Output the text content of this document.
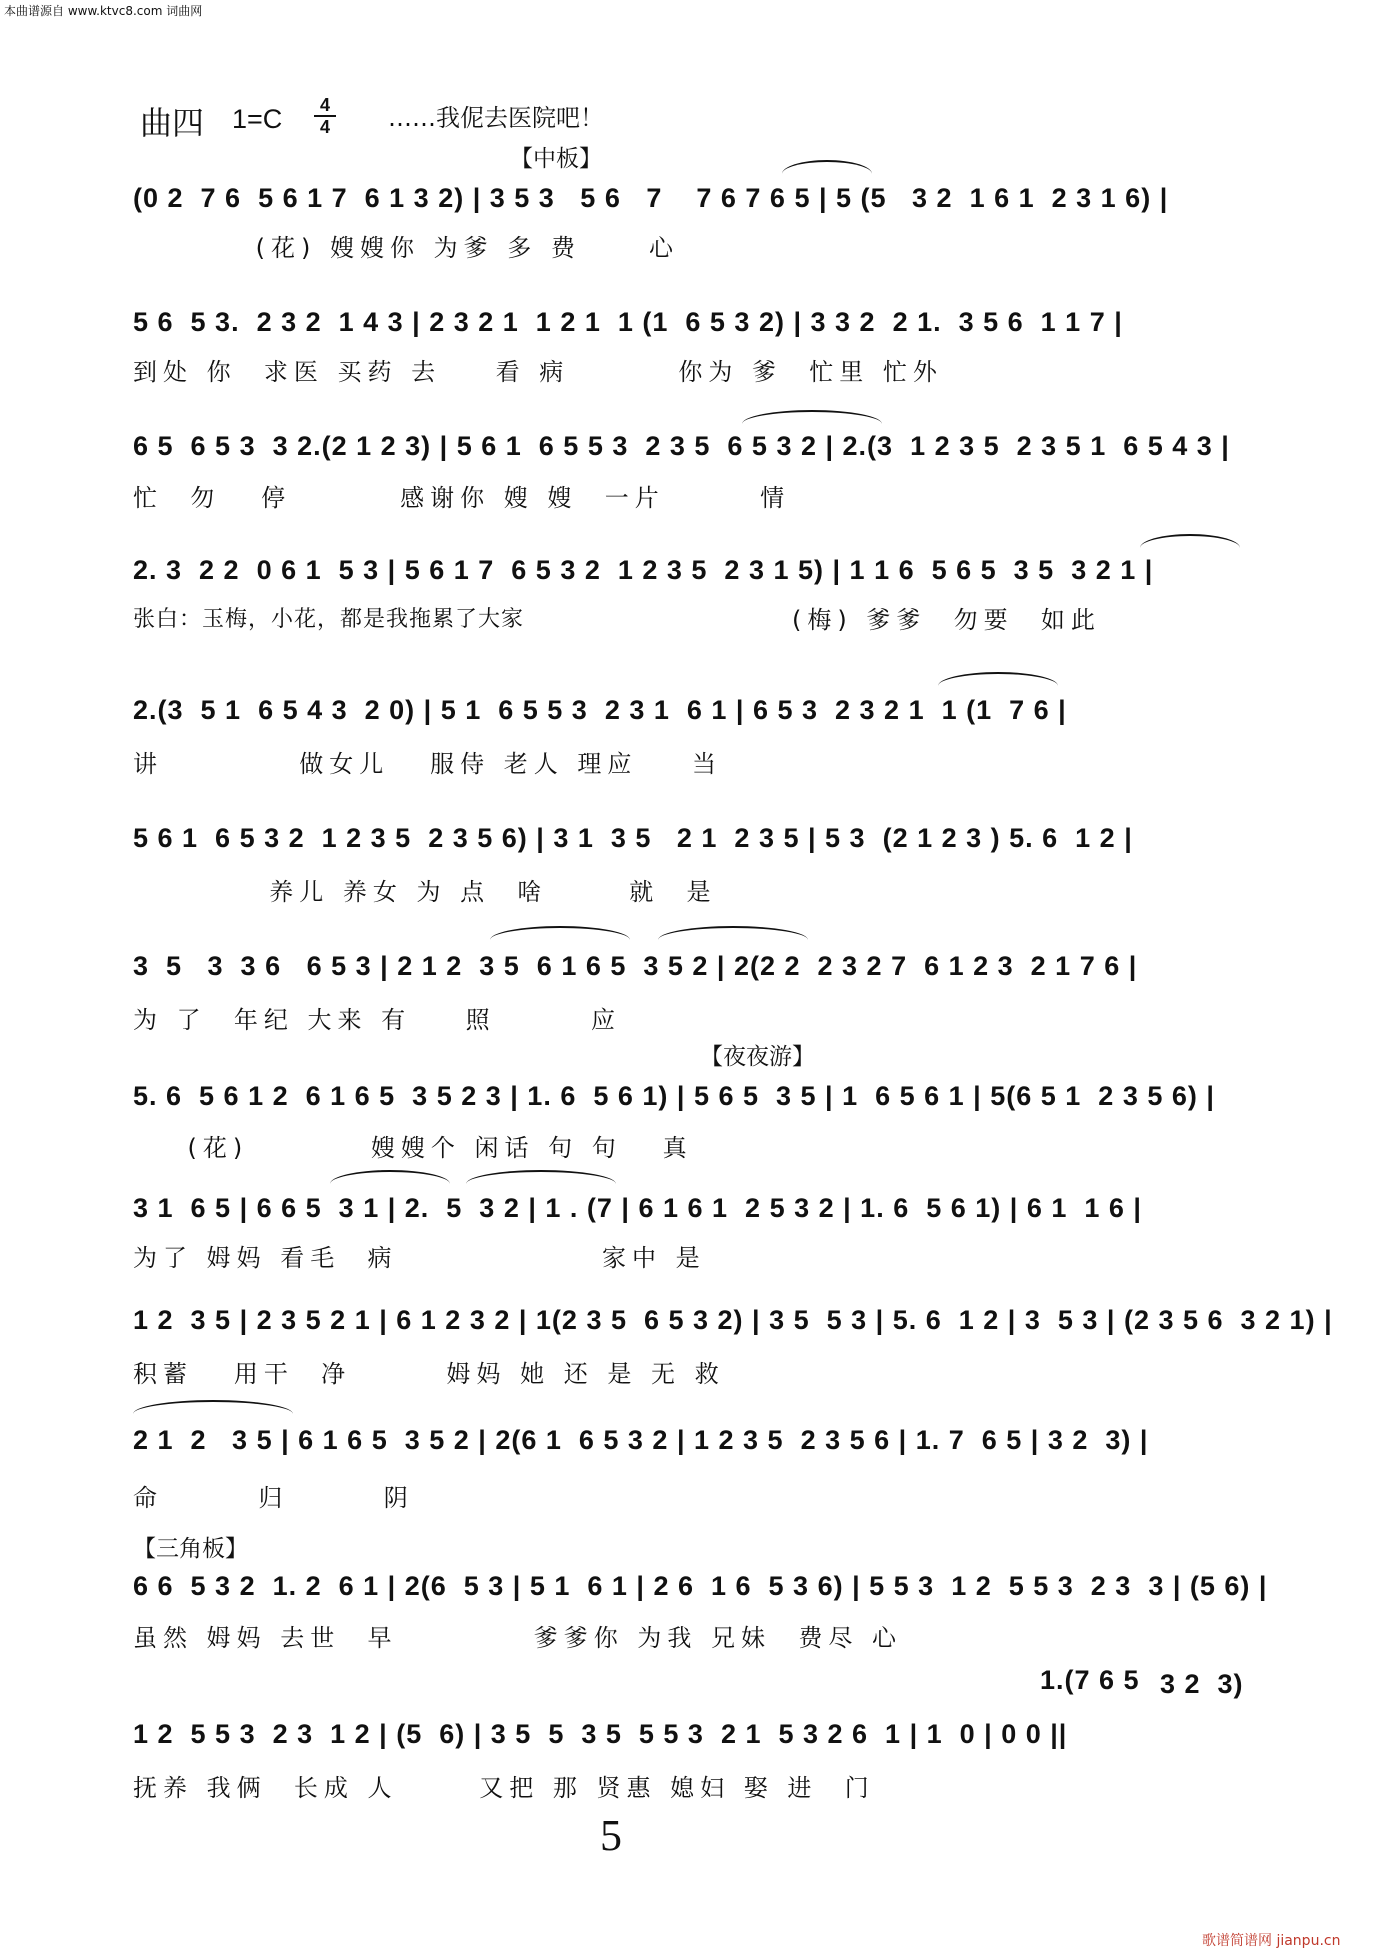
本曲谱源自 www.ktvc8.com 词曲网
曲四 1=C	4
4 ……我伲去医院吧！
【中板】
【夜夜游】
【三角板】
(0 2  7 6  5 6 1 7  6 1 3 2) | 3 5 3   5 6   7    7 6 7 6 5 | 5 (5   3 2  1 6 1  2 3 1 6) |
(花) 嫂嫂你 为爹 多 费     心
5 6  5 3.  2 3 2  1 4 3 | 2 3 2 1  1 2 1  1 (1  6 5 3 2) | 3 3 2  2 1.  3 5 6  1 1 7 |
到处 你  求医 买药 去    看 病        你为 爹  忙里 忙外
6 5  6 5 3  3 2.(2 1 2 3) | 5 6 1  6 5 5 3  2 3 5  6 5 3 2 | 2.(3  1 2 3 5  2 3 5 1  6 5 4 3 |
忙  勿   停        感谢你 嫂 嫂  一片       情
2. 3  2 2  0 6 1  5 3 | 5 6 1 7  6 5 3 2  1 2 3 5  2 3 1 5) | 1 1 6  5 6 5  3 5  3 2 1 |
张白：玉梅，小花，都是我拖累了大家	(梅) 爹爹  勿要  如此
2.(3  5 1  6 5 4 3  2 0) | 5 1  6 5 5 3  2 3 1  6 1 | 6 5 3  2 3 2 1  1 (1  7 6 |
讲          做女儿   服侍 老人 理应    当
5 6 1  6 5 3 2  1 2 3 5  2 3 5 6) | 3 1  3 5   2 1  2 3 5 | 5 3  (2 1 2 3 ) 5. 6  1 2 |
养儿 养女 为 点  啥      就  是
3  5   3  3 6   6 5 3 | 2 1 2  3 5  6 1 6 5  3 5 2 | 2(2 2  2 3 2 7  6 1 2 3  2 1 7 6 |
为 了  年纪 大来 有    照       应
5. 6  5 6 1 2  6 1 6 5  3 5 2 3 | 1. 6  5 6 1) | 5 6 5  3 5 | 1  6 5 6 1 | 5(6 5 1  2 3 5 6) |
(花)         嫂嫂个 闲话 句 句   真
3 1  6 5 | 6 6 5  3 1 | 2.  5  3 2 | 1 . (7 | 6 1 6 1  2 5 3 2 | 1. 6  5 6 1) | 6 1  1 6 |
为了 姆妈 看毛  病               家中 是
1 2  3 5 | 2 3 5 2 1 | 6 1 2 3 2 | 1(2 3 5  6 5 3 2) | 3 5  5 3 | 5. 6  1 2 | 3  5 3 | (2 3 5 6  3 2 1) |
积蓄   用干  净       姆妈 她 还 是 无 救
2 1  2   3 5 | 6 1 6 5  3 5 2 | 2(6 1  6 5 3 2 | 1 2 3 5  2 3 5 6 | 1. 7  6 5 | 3 2  3) |
命       归       阴
6 6  5 3 2  1. 2  6 1 | 2(6  5 3 | 5 1  6 1 | 2 6  1 6  5 3 6) | 5 5 3  1 2  5 5 3  2 3  3 | (5 6) |
虽然 姆妈 去世  早          爹爹你 为我 兄妹  费尽 心
1.(7 6 5 3 2  3)
1 2  5 5 3  2 3  1 2 | (5  6) | 3 5  5  3 5  5 5 3  2 1  5 3 2 6  1 | 1  0 | 0 0 ||
抚养 我俩  长成 人      又把 那 贤惠 媳妇 娶 进  门
5
歌谱简谱网 jianpu.cn
